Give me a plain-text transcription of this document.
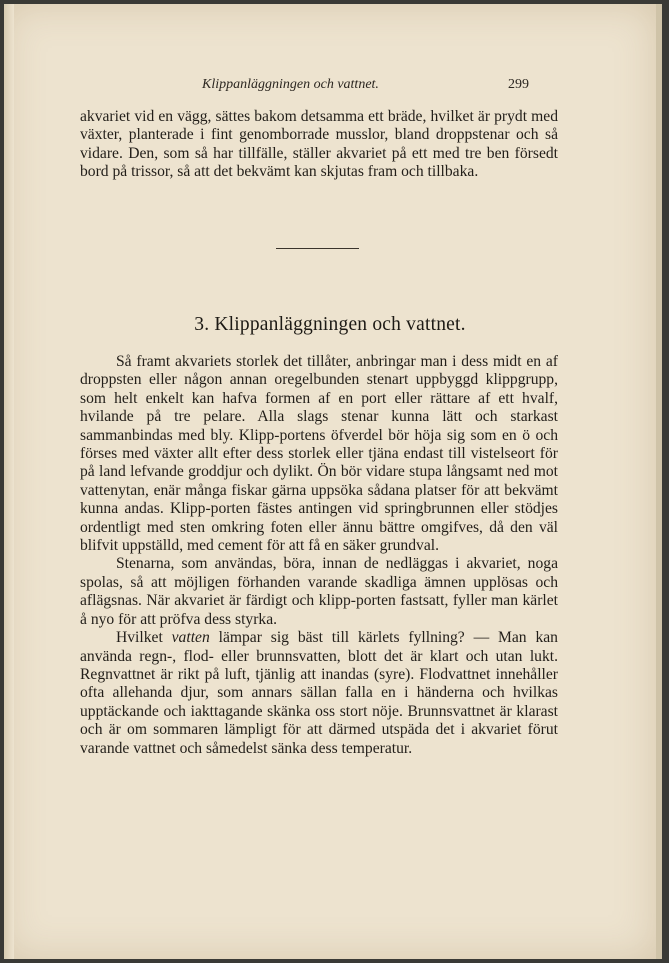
Klippanläggningen och vattnet.	299

akvariet vid en vägg, sättes bakom detsamma ett bräde, hvilket är prydt med växter, planterade i fint genomborrade musslor, bland droppstenar och så vidare. Den, som så har tillfälle, ställer akvariet på ett med tre ben försedt bord på trissor, så att det bekvämt kan skjutas fram och tillbaka.

3. Klippanläggningen och vattnet.

Så framt akvariets storlek det tillåter, anbringar man i dess midt en af droppsten eller någon annan oregelbunden stenart uppbyggd klippgrupp, som helt enkelt kan hafva formen af en port eller rättare af ett hvalf, hvilande på tre pelare. Alla slags stenar kunna lätt och starkast sammanbindas med bly. Klipp-portens öfverdel bör höja sig som en ö och förses med växter allt efter dess storlek eller tjäna endast till vistelseort för på land lefvande groddjur och dylikt. Ön bör vidare stupa långsamt ned mot vattenytan, enär många fiskar gärna uppsöka sådana platser för att bekvämt kunna andas. Klipp-porten fästes antingen vid springbrunnen eller stödjes ordentligt med sten omkring foten eller ännu bättre omgifves, då den väl blifvit uppställd, med cement för att få en säker grundval.

Stenarna, som användas, böra, innan de nedläggas i akvariet, noga spolas, så att möjligen förhanden varande skadliga ämnen upplösas och aflägsnas. När akvariet är färdigt och klipp-porten fastsatt, fyller man kärlet å nyo för att pröfva dess styrka.

Hvilket vatten lämpar sig bäst till kärlets fyllning? — Man kan använda regn-, flod- eller brunnsvatten, blott det är klart och utan lukt. Regnvattnet är rikt på luft, tjänlig att inandas (syre). Flodvattnet innehåller ofta allehanda djur, som annars sällan falla en i händerna och hvilkas upptäckande och iakttagande skänka oss stort nöje. Brunnsvattnet är klarast och är om sommaren lämpligt för att därmed utspäda det i akvariet förut varande vattnet och såmedelst sänka dess temperatur.
